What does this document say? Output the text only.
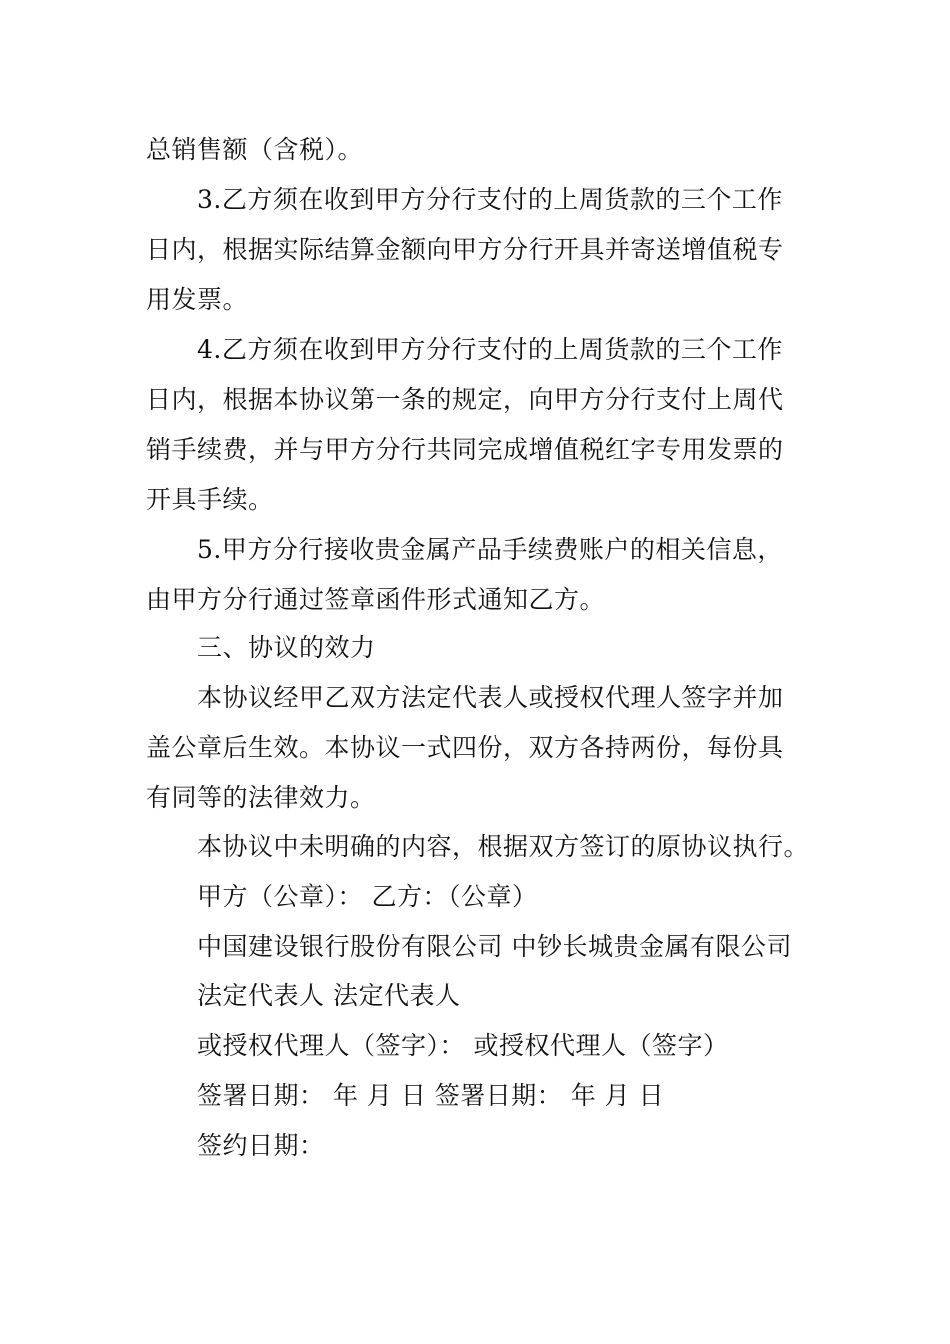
总销售额（含税）。
3.乙方须在收到甲方分行支付的上周货款的三个工作
日内，根据实际结算金额向甲方分行开具并寄送增值税专
用发票。
4.乙方须在收到甲方分行支付的上周货款的三个工作
日内，根据本协议第一条的规定，向甲方分行支付上周代
销手续费，并与甲方分行共同完成增值税红字专用发票的
开具手续。
5.甲方分行接收贵金属产品手续费账户的相关信息，
由甲方分行通过签章函件形式通知乙方。
三、协议的效力
本协议经甲乙双方法定代表人或授权代理人签字并加
盖公章后生效。本协议一式四份，双方各持两份，每份具
有同等的法律效力。
本协议中未明确的内容，根据双方签订的原协议执行。
甲方（公章）： 乙方：（公章）
中国建设银行股份有限公司 中钞长城贵金属有限公司
法定代表人 法定代表人
或授权代理人（签字）： 或授权代理人（签字）
签署日期： 年 月 日 签署日期： 年 月 日
签约日期：
